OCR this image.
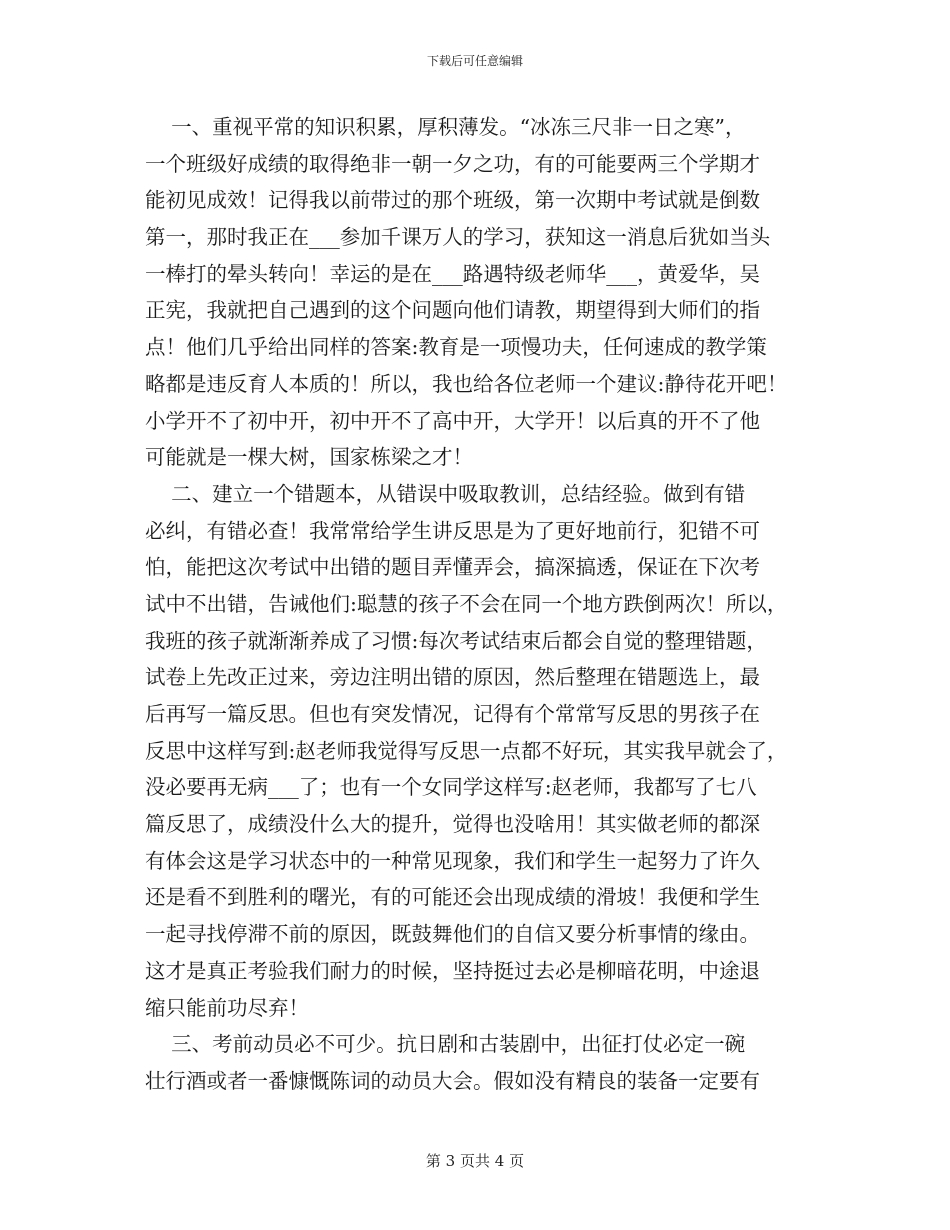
下载后可任意编辑
一、重视平常的知识积累，厚积薄发。“冰冻三尺非一日之寒”，
一个班级好成绩的取得绝非一朝一夕之功，有的可能要两三个学期才
能初见成效！记得我以前带过的那个班级，第一次期中考试就是倒数
第一，那时我正在___参加千课万人的学习，获知这一消息后犹如当头
一棒打的晕头转向！幸运的是在___路遇特级老师华___，黄爱华，吴
正宪，我就把自己遇到的这个问题向他们请教，期望得到大师们的指
点！他们几乎给出同样的答案:教育是一项慢功夫，任何速成的教学策
略都是违反育人本质的！所以，我也给各位老师一个建议:静待花开吧！
小学开不了初中开，初中开不了高中开，大学开！以后真的开不了他
可能就是一棵大树，国家栋梁之才！
二、建立一个错题本，从错误中吸取教训，总结经验。做到有错
必纠，有错必查！我常常给学生讲反思是为了更好地前行，犯错不可
怕，能把这次考试中出错的题目弄懂弄会，搞深搞透，保证在下次考
试中不出错，告诫他们:聪慧的孩子不会在同一个地方跌倒两次！所以，
我班的孩子就渐渐养成了习惯:每次考试结束后都会自觉的整理错题，
试卷上先改正过来，旁边注明出错的原因，然后整理在错题选上，最
后再写一篇反思。但也有突发情况，记得有个常常写反思的男孩子在
反思中这样写到:赵老师我觉得写反思一点都不好玩，其实我早就会了，
没必要再无病___了；也有一个女同学这样写:赵老师，我都写了七八
篇反思了，成绩没什么大的提升，觉得也没啥用！其实做老师的都深
有体会这是学习状态中的一种常见现象，我们和学生一起努力了许久
还是看不到胜利的曙光，有的可能还会出现成绩的滑坡！我便和学生
一起寻找停滞不前的原因，既鼓舞他们的自信又要分析事情的缘由。
这才是真正考验我们耐力的时候，坚持挺过去必是柳暗花明，中途退
缩只能前功尽弃！
三、考前动员必不可少。抗日剧和古装剧中，出征打仗必定一碗
壮行酒或者一番慷慨陈词的动员大会。假如没有精良的装备一定要有
第 3 页共 4 页
